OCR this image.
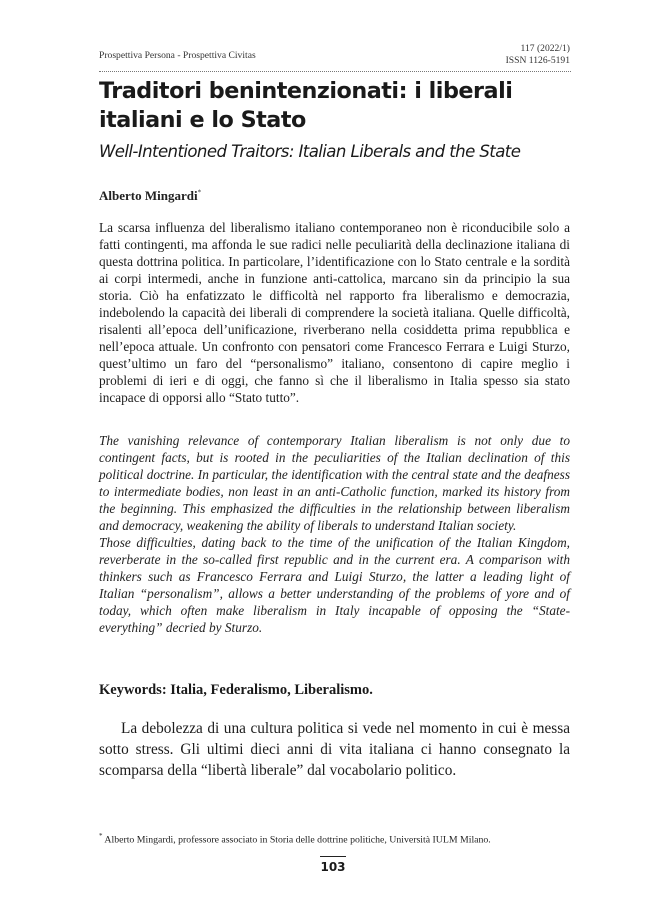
Prospettiva Persona - Prospettiva Civitas
117 (2022/1)
ISSN 1126-5191
Traditori benintenzionati: i liberali italiani e lo Stato
Well-Intentioned Traitors: Italian Liberals and the State
Alberto Mingardi*

La scarsa influenza del liberalismo italiano contemporaneo non è riconducibile solo a fatti contingenti, ma affonda le sue radici nelle peculiarità della declinazione italiana di questa dottrina politica. In particolare, l’identificazione con lo Stato centrale e la sordità ai corpi intermedi, anche in funzione anti-cattolica, marcano sin da principio la sua storia. Ciò ha enfatizzato le difficoltà nel rapporto fra liberalismo e democrazia, indebolendo la capacità dei liberali di comprendere la società italiana. Quelle difficoltà, risalenti all’epoca dell’unificazione, riverberano nella cosiddetta prima repubblica e nell’epoca attuale. Un confronto con pensatori come Francesco Ferrara e Luigi Sturzo, quest’ultimo un faro del “personalismo” italiano, consentono di capire meglio i problemi di ieri e di oggi, che fanno sì che il liberalismo in Italia spesso sia stato incapace di opporsi allo “Stato tutto”.

The vanishing relevance of contemporary Italian liberalism is not only due to contingent facts, but is rooted in the peculiarities of the Italian declination of this political doctrine. In particular, the identification with the central state and the deafness to intermediate bodies, non least in an anti-Catholic function, marked its history from the beginning. This emphasized the difficulties in the relationship between liberalism and democracy, weakening the ability of liberals to understand Italian society.

Those difficulties, dating back to the time of the unification of the Italian Kingdom, reverberate in the so-called first republic and in the current era. A comparison with thinkers such as Francesco Ferrara and Luigi Sturzo, the latter a leading light of Italian “personalism”, allows a better understanding of the problems of yore and of today, which often make liberalism in Italy incapable of opposing the “State-everything” decried by Sturzo.

Keywords: Italia, Federalismo, Liberalismo.

La debolezza di una cultura politica si vede nel momento in cui è messa sotto stress. Gli ultimi dieci anni di vita italiana ci hanno consegnato la scomparsa della “libertà liberale” dal vocabolario politico.

* Alberto Mingardi, professore associato in Storia delle dottrine politiche, Università IULM Milano.
103
